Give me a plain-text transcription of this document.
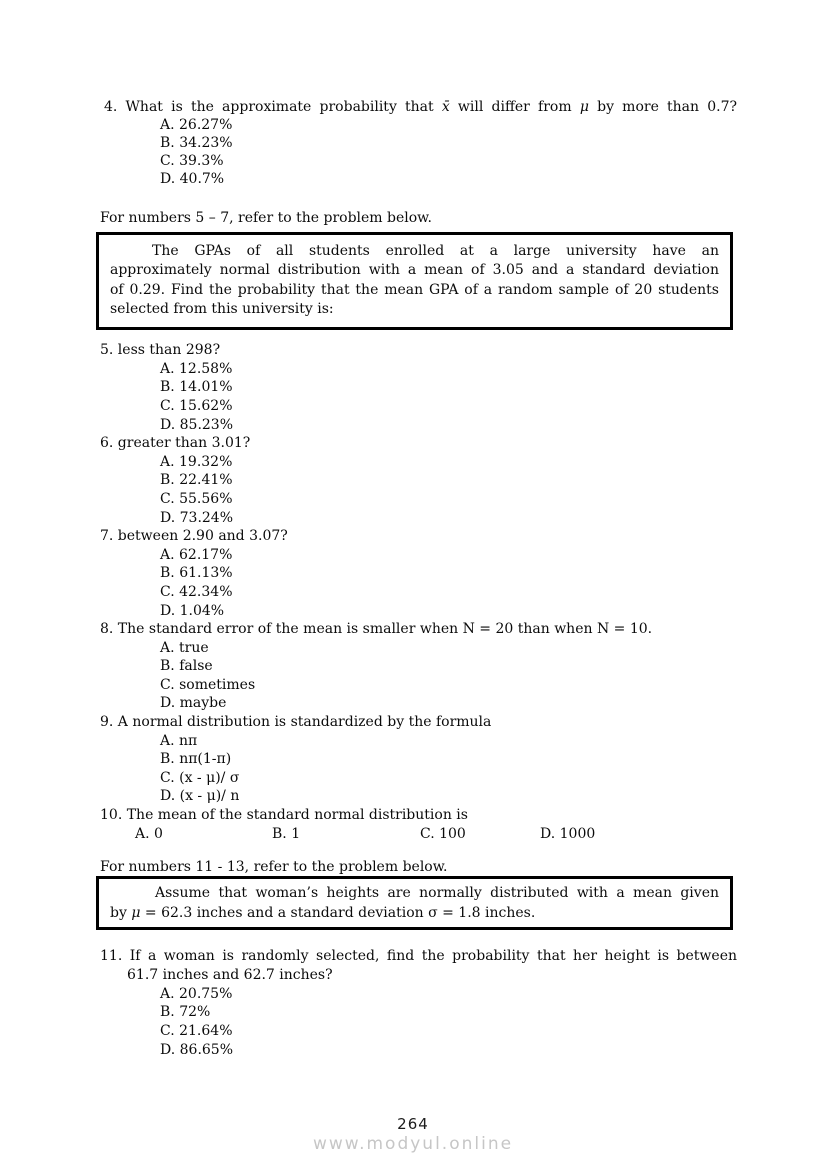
4. What is the approximate probability that x̄ will differ from μ by more than 0.7?
A. 26.27%
B. 34.23%
C. 39.3%
D. 40.7%

For numbers 5 – 7, refer to the problem below.

The GPAs of all students enrolled at a large university have an
approximately normal distribution with a mean of 3.05 and a standard deviation
of 0.29. Find the probability that the mean GPA of a random sample of 20 students
selected from this university is:
5. less than 298?
A. 12.58%
B. 14.01%
C. 15.62%
D. 85.23%
6. greater than 3.01?
A. 19.32%
B. 22.41%
C. 55.56%
D. 73.24%
7. between 2.90 and 3.07?
A. 62.17%
B. 61.13%
C. 42.34%
D. 1.04%
8. The standard error of the mean is smaller when N = 20 than when N = 10.
A. true
B. false
C. sometimes
D. maybe
9. A normal distribution is standardized by the formula
A. nπ
B. nπ(1-π)
C. (x - μ)/ σ
D. (x - μ)/ n
10. The mean of the standard normal distribution is
A. 0	B. 1	C. 100	D. 1000

For numbers 11 - 13, refer to the problem below.

Assume that woman’s heights are normally distributed with a mean given
by μ = 62.3 inches and a standard deviation σ = 1.8 inches.
11. If a woman is randomly selected, find the probability that her height is between
61.7 inches and 62.7 inches?
A. 20.75%
B. 72%
C. 21.64%
D. 86.65%
264
www.modyul.online
